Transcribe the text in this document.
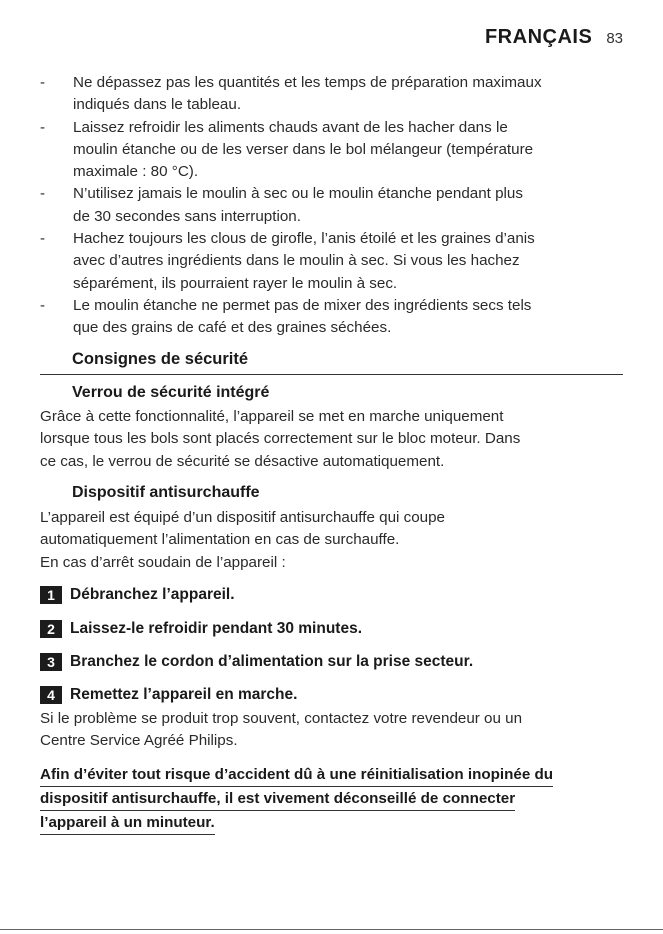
FRANÇAIS 83
- Ne dépassez pas les quantités et les temps de préparation maximaux
indiqués dans le tableau.
- Laissez refroidir les aliments chauds avant de les hacher dans le
moulin étanche ou de les verser dans le bol mélangeur (température
maximale : 80 °C).
- N’utilisez jamais le moulin à sec ou le moulin étanche pendant plus
de 30 secondes sans interruption.
- Hachez toujours les clous de girofle, l’anis étoilé et les graines d’anis
avec d’autres ingrédients dans le moulin à sec. Si vous les hachez
séparément, ils pourraient rayer le moulin à sec.
- Le moulin étanche ne permet pas de mixer des ingrédients secs tels
que des grains de café et des graines séchées.
Consignes de sécurité
Verrou de sécurité intégré
Grâce à cette fonctionnalité, l’appareil se met en marche uniquement
lorsque tous les bols sont placés correctement sur le bloc moteur. Dans
ce cas, le verrou de sécurité se désactive automatiquement.
Dispositif antisurchauffe
L’appareil est équipé d’un dispositif antisurchauffe qui coupe
automatiquement l’alimentation en cas de surchauffe.
En cas d’arrêt soudain de l’appareil :
1 Débranchez l’appareil.
2 Laissez-le refroidir pendant 30 minutes.
3 Branchez le cordon d’alimentation sur la prise secteur.
4 Remettez l’appareil en marche.
Si le problème se produit trop souvent, contactez votre revendeur ou un
Centre Service Agréé Philips.
Afin d’éviter tout risque d’accident dû à une réinitialisation inopinée du
dispositif antisurchauffe, il est vivement déconseillé de connecter
l’appareil à un minuteur.
